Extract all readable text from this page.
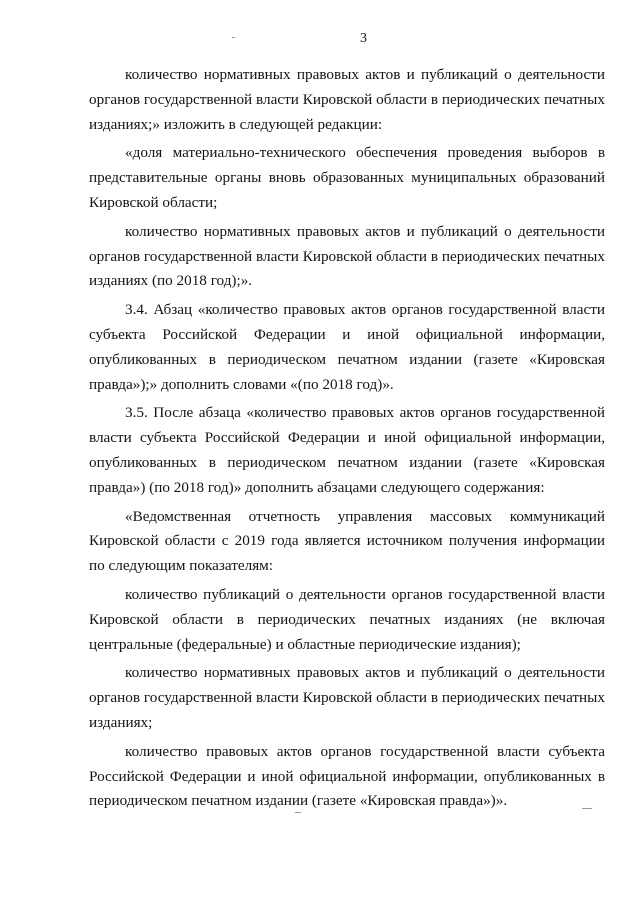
3

количество нормативных правовых актов и публикаций о деятельности органов государственной власти Кировской области в периодических печатных изданиях;» изложить в следующей редакции:

«доля материально-технического обеспечения проведения выборов в представительные органы вновь образованных муниципальных образований Кировской области;

количество нормативных правовых актов и публикаций о деятельности органов государственной власти Кировской области в периодических печатных изданиях (по 2018 год);».

3.4. Абзац «количество правовых актов органов государственной власти субъекта Российской Федерации и иной официальной информации, опубликованных в периодическом печатном издании (газете «Кировская правда»);» дополнить словами «(по 2018 год)».

3.5. После абзаца «количество правовых актов органов государственной власти субъекта Российской Федерации и иной официальной информации, опубликованных в периодическом печатном издании (газете «Кировская правда») (по 2018 год)» дополнить абзацами следующего содержания:

«Ведомственная отчетность управления массовых коммуникаций Кировской области с 2019 года является источником получения информации по следующим показателям:

количество публикаций о деятельности органов государственной власти Кировской области в периодических печатных изданиях (не включая центральные (федеральные) и областные периодические издания);

количество нормативных правовых актов и публикаций о деятельности органов государственной власти Кировской области в периодических печатных изданиях;

количество правовых актов органов государственной власти субъекта Российской Федерации и иной официальной информации, опубликованных в периодическом печатном издании (газете «Кировская правда»)».
